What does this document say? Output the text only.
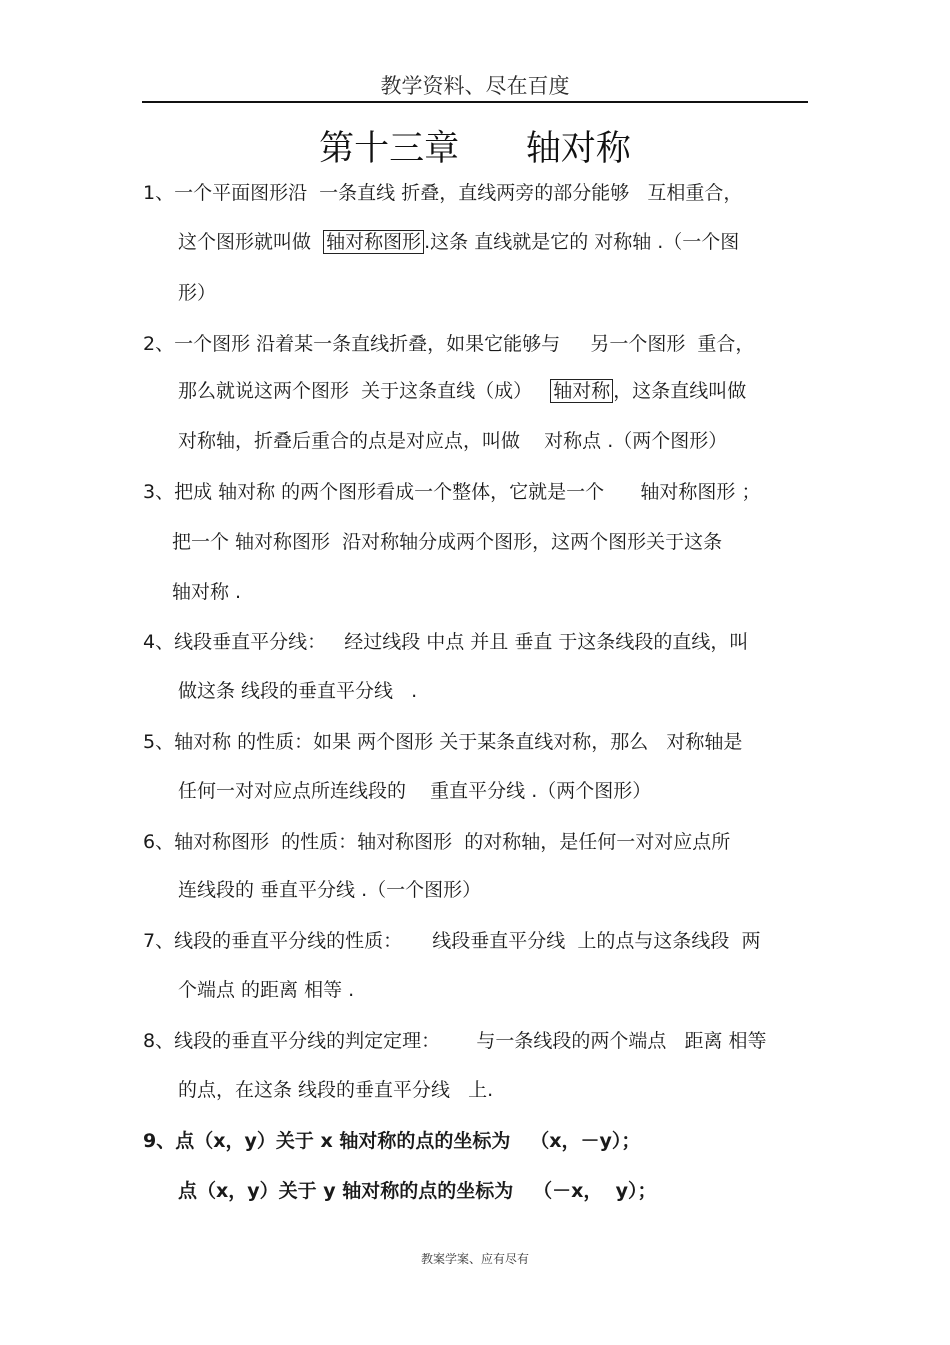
教学资料、尽在百度
第十三章 轴对称
1、一个平面图形沿  一条直线 折叠，直线两旁的部分能够   互相重合，
这个图形就叫做  轴对称图形 .这条 直线就是它的 对称轴 .（一个图
形）
2、一个图形 沿着某一条直线折叠，如果它能够与     另一个图形  重合，
那么就说这两个图形  关于这条直线（成）   轴对称 ，这条直线叫做
对称轴，折叠后重合的点是对应点，叫做    对称点 .（两个图形）
3、把成 轴对称 的两个图形看成一个整体，它就是一个      轴对称图形 ；
把一个 轴对称图形  沿对称轴分成两个图形，这两个图形关于这条
轴对称 .
4、线段垂直平分线：   经过线段 中点 并且 垂直 于这条线段的直线，叫
做这条 线段的垂直平分线   .
5、轴对称 的性质：如果 两个图形 关于某条直线对称，那么   对称轴是
任何一对对应点所连线段的    重直平分线 .（两个图形）
6、轴对称图形  的性质：轴对称图形  的对称轴，是任何一对对应点所
连线段的 垂直平分线 .（一个图形）
7、线段的垂直平分线的性质：     线段垂直平分线  上的点与这条线段  两
个端点 的距离 相等 .
8、线段的垂直平分线的判定定理：      与一条线段的两个端点   距离 相等
的点，在这条 线段的垂直平分线   上.
9、点（x，y）关于 x 轴对称的点的坐标为   （x，－y）；
点（x，y）关于 y 轴对称的点的坐标为   （－x，  y）；
教案学案、应有尽有
